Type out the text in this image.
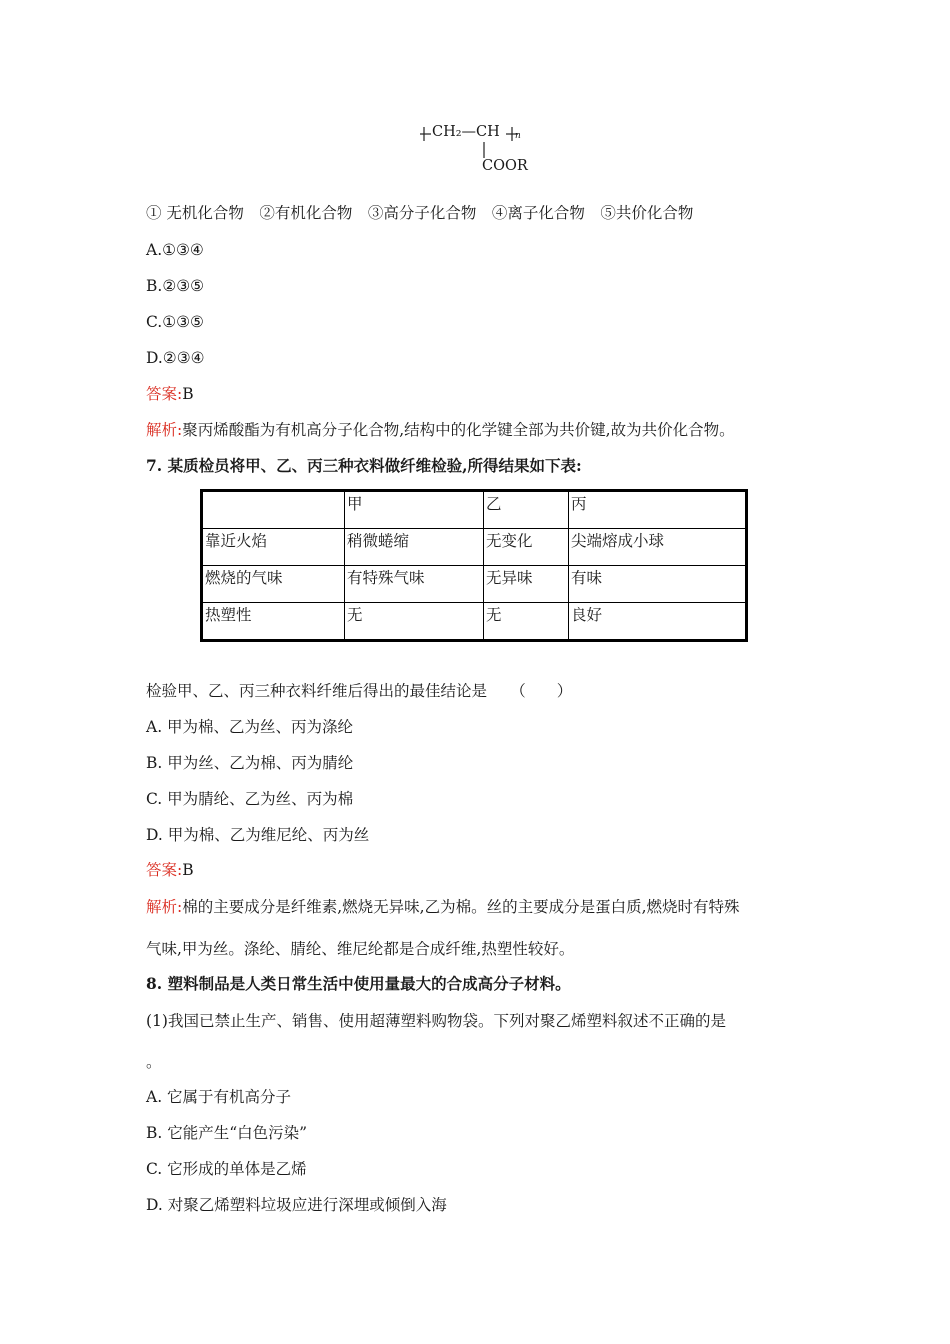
CH₂—CH n
COOR
① 无机化合物　②有机化合物　③高分子化合物　④离子化合物　⑤共价化合物
A.①③④
B.②③⑤
C.①③⑤
D.②③④
答案:B
解析:聚丙烯酸酯为有机高分子化合物,结构中的化学键全部为共价键,故为共价化合物。
7. 某质检员将甲、乙、丙三种衣料做纤维检验,所得结果如下表:
	甲	乙	丙
靠近火焰	稍微蜷缩	无变化	尖端熔成小球
燃烧的气味	有特殊气味	无异味	有味
热塑性	无	无	良好
检验甲、乙、丙三种衣料纤维后得出的最佳结论是　　（　　）
A. 甲为棉、乙为丝、丙为涤纶
B. 甲为丝、乙为棉、丙为腈纶
C. 甲为腈纶、乙为丝、丙为棉
D. 甲为棉、乙为维尼纶、丙为丝
答案:B
解析:棉的主要成分是纤维素,燃烧无异味,乙为棉。丝的主要成分是蛋白质,燃烧时有特殊
气味,甲为丝。涤纶、腈纶、维尼纶都是合成纤维,热塑性较好。
8. 塑料制品是人类日常生活中使用量最大的合成高分子材料。
(1)我国已禁止生产、销售、使用超薄塑料购物袋。下列对聚乙烯塑料叙述不正确的是
。
A. 它属于有机高分子
B. 它能产生“白色污染”
C. 它形成的单体是乙烯
D. 对聚乙烯塑料垃圾应进行深埋或倾倒入海
